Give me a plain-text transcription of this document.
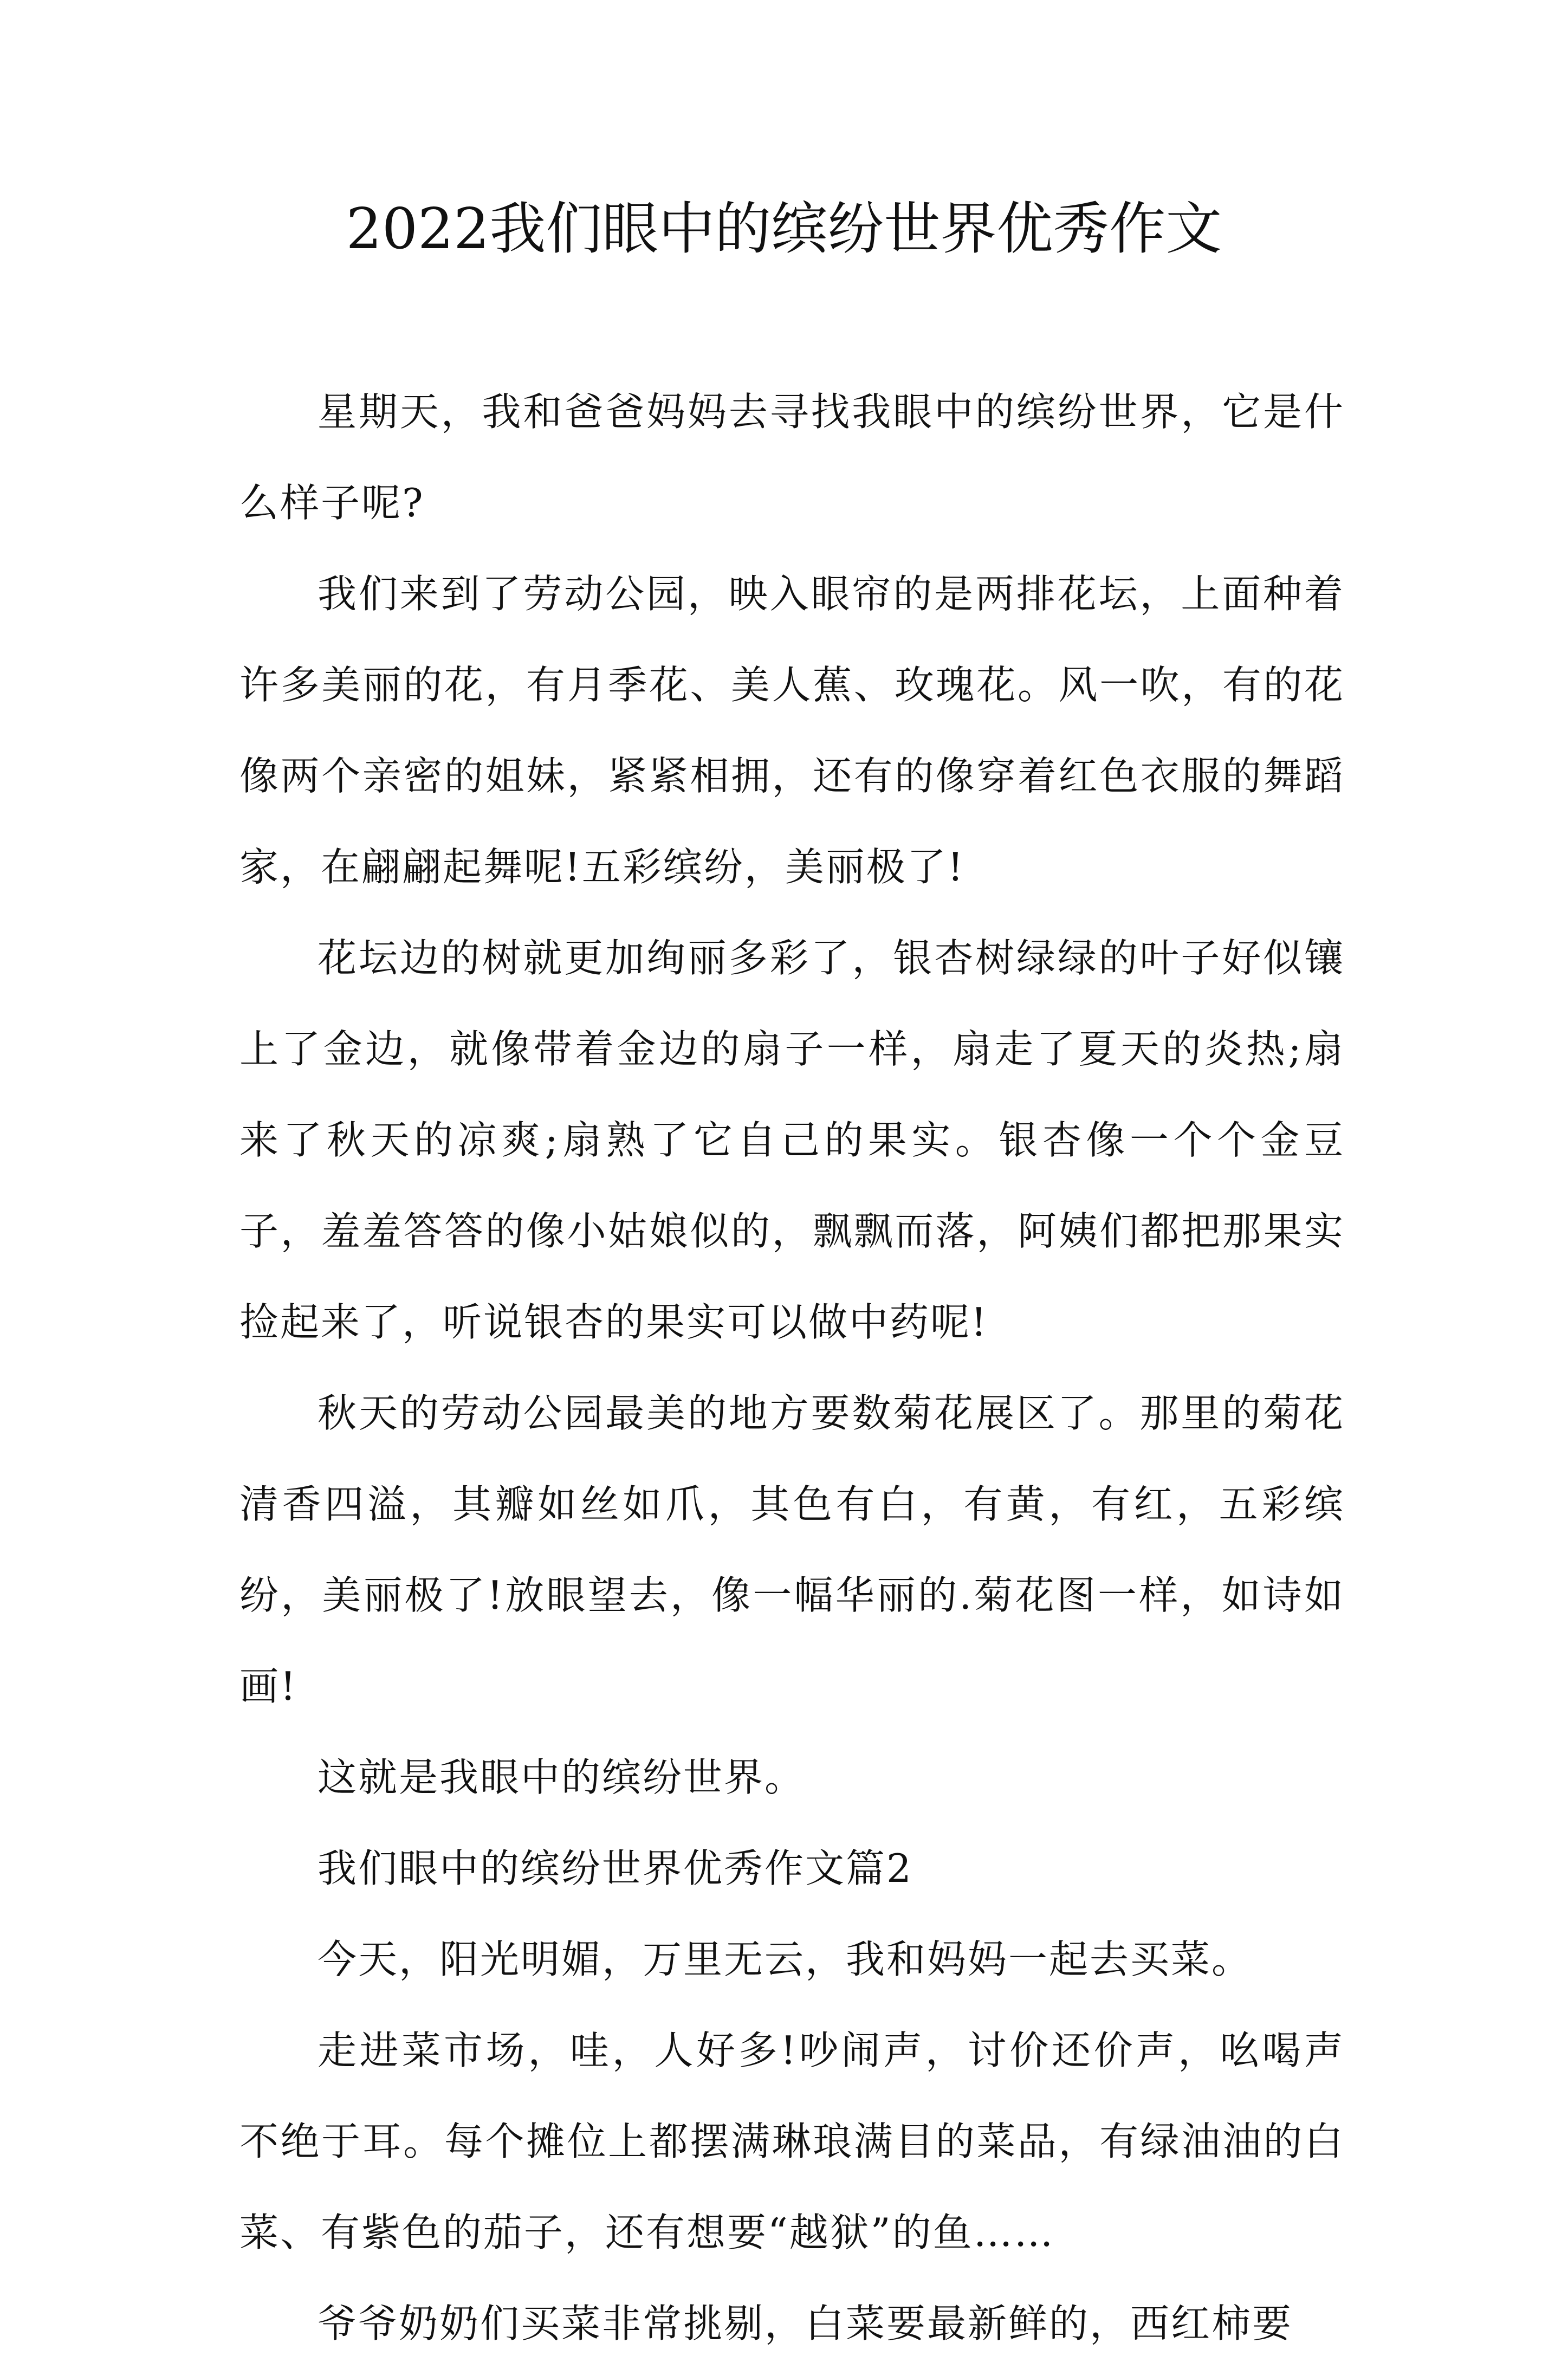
2022我们眼中的缤纷世界优秀作文

星期天，我和爸爸妈妈去寻找我眼中的缤纷世界，它是什么样子呢?

我们来到了劳动公园，映入眼帘的是两排花坛，上面种着许多美丽的花，有月季花、美人蕉、玫瑰花。风一吹，有的花像两个亲密的姐妹，紧紧相拥，还有的像穿着红色衣服的舞蹈家，在翩翩起舞呢!五彩缤纷，美丽极了!

花坛边的树就更加绚丽多彩了，银杏树绿绿的叶子好似镶上了金边，就像带着金边的扇子一样，扇走了夏天的炎热;扇来了秋天的凉爽;扇熟了它自己的果实。银杏像一个个金豆子，羞羞答答的像小姑娘似的，飘飘而落，阿姨们都把那果实捡起来了，听说银杏的果实可以做中药呢!

秋天的劳动公园最美的地方要数菊花展区了。那里的菊花清香四溢，其瓣如丝如爪，其色有白，有黄，有红，五彩缤纷，美丽极了!放眼望去，像一幅华丽的.菊花图一样，如诗如画!

这就是我眼中的缤纷世界。

我们眼中的缤纷世界优秀作文篇2

今天，阳光明媚，万里无云，我和妈妈一起去买菜。

走进菜市场，哇，人好多!吵闹声，讨价还价声，吆喝声不绝于耳。每个摊位上都摆满琳琅满目的菜品，有绿油油的白菜、有紫色的茄子，还有想要“越狱”的鱼……

爷爷奶奶们买菜非常挑剔，白菜要最新鲜的，西红柿要
